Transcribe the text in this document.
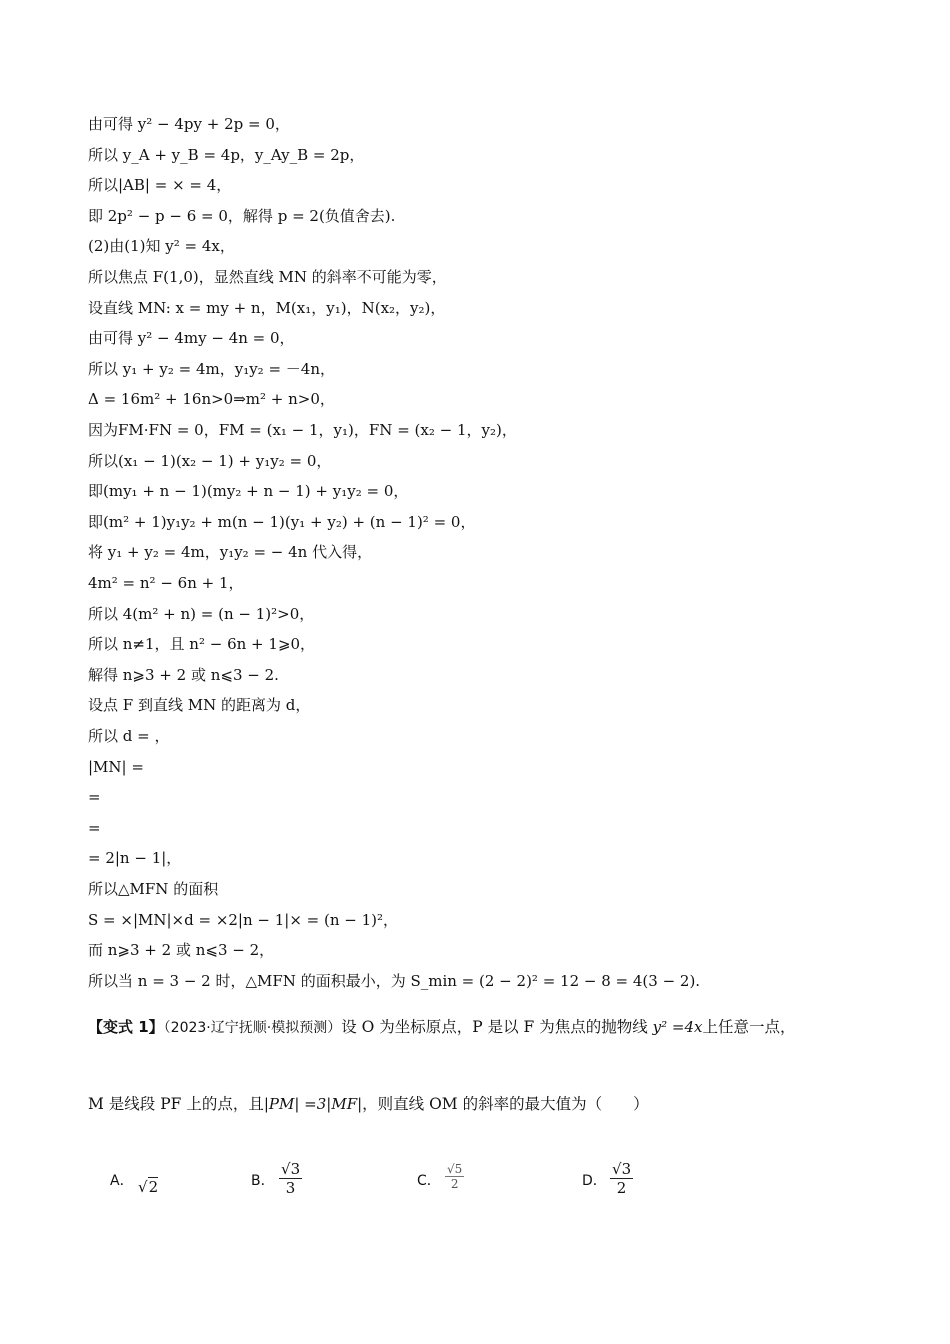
由可得 y² − 4py + 2p = 0，
所以 y_A + y_B = 4p，y_Ay_B = 2p，
所以|AB| = × = 4，
即 2p² − p − 6 = 0，解得 p = 2(负值舍去).
(2)由(1)知 y² = 4x，
所以焦点 F(1,0)，显然直线 MN 的斜率不可能为零，
设直线 MN: x = my + n，M(x₁，y₁)，N(x₂，y₂)，
由可得 y² − 4my − 4n = 0，
所以 y₁ + y₂ = 4m，y₁y₂ = －4n，
Δ = 16m² + 16n>0⇒m² + n>0，
因为FM·FN = 0，FM = (x₁ − 1，y₁)，FN = (x₂ − 1，y₂)，
所以(x₁ − 1)(x₂ − 1) + y₁y₂ = 0，
即(my₁ + n − 1)(my₂ + n − 1) + y₁y₂ = 0，
即(m² + 1)y₁y₂ + m(n − 1)(y₁ + y₂) + (n − 1)² = 0，
将 y₁ + y₂ = 4m，y₁y₂ = − 4n 代入得，
4m² = n² − 6n + 1，
所以 4(m² + n) = (n − 1)²>0，
所以 n≠1，且 n² − 6n + 1⩾0，
解得 n⩾3 + 2 或 n⩽3 − 2.
设点 F 到直线 MN 的距离为 d，
所以 d = ，
|MN| =
=
=
= 2|n − 1|，
所以△MFN 的面积
S = ×|MN|×d = ×2|n − 1|× = (n − 1)²，
而 n⩾3 + 2 或 n⩽3 − 2，
所以当 n = 3 − 2 时，△MFN 的面积最小，为 S_min = (2 − 2)² = 12 − 8 = 4(3 − 2).
【变式 1】（2023·辽宁抚顺·模拟预测）设 O 为坐标原点，P 是以 F 为焦点的抛物线 y² =4x上任意一点，
M 是线段 PF 上的点，且|PM| =3|MF|，则直线 OM 的斜率的最大值为（　　）
A． √2	B． $\frac{√3}{3}$	C． $\frac{√5}{2}$	D． $\frac{√3}{2}$
